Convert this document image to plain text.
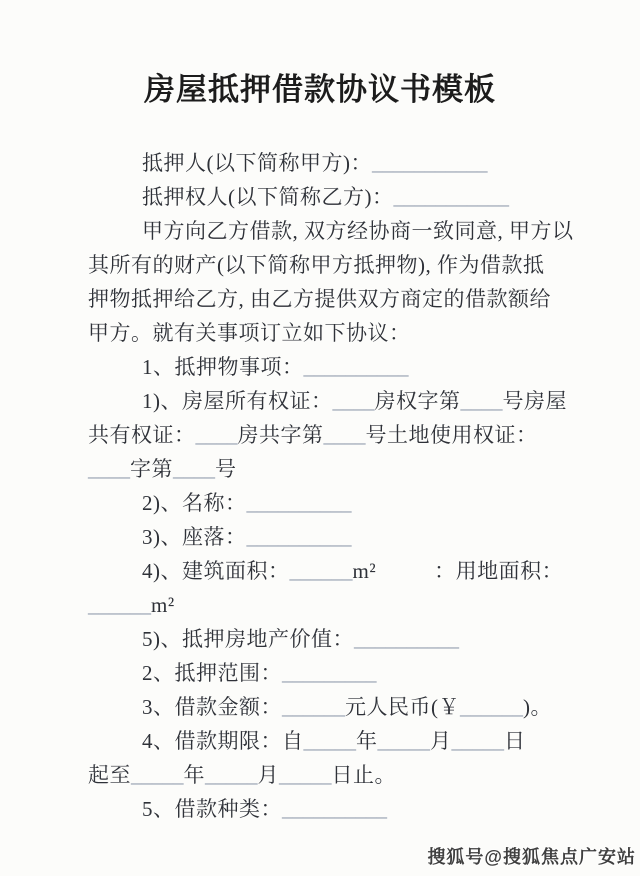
房屋抵押借款协议书模板
抵押人(以下简称甲方)：___________
抵押权人(以下简称乙方)：___________
甲方向乙方借款, 双方经协商一致同意, 甲方以
其所有的财产(以下简称甲方抵押物), 作为借款抵
押物抵押给乙方, 由乙方提供双方商定的借款额给
甲方。就有关事项订立如下协议：
1、抵押物事项：__________
1)、房屋所有权证：____房权字第____号房屋
共有权证：____房共字第____号土地使用权证：
____字第____号
2)、名称：__________
3)、座落：__________
4)、建筑面积：______m²	：用地面积：
______m²
5)、抵押房地产价值：__________
2、抵押范围：_________
3、借款金额：______元人民币(￥______)。
4、借款期限：自_____年_____月_____日
起至_____年_____月_____日止。
5、借款种类：__________
搜狐号@搜狐焦点广安站
